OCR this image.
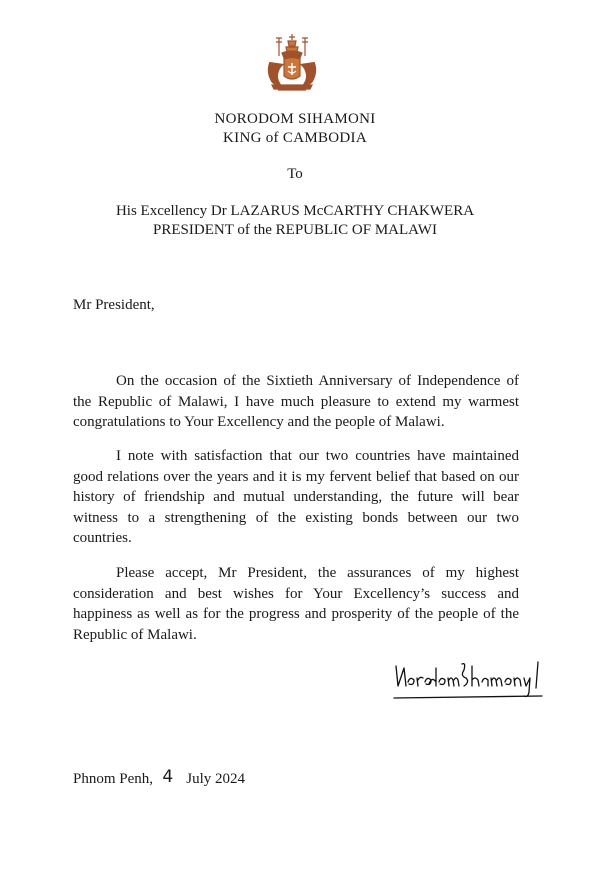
NORODOM SIHAMONI
KING of CAMBODIA
To
His Excellency Dr LAZARUS McCARTHY CHAKWERA
PRESIDENT of the REPUBLIC OF MALAWI
Mr President,

On the occasion of the Sixtieth Anniversary of Independence of the Republic of Malawi, I have much pleasure to extend my warmest congratulations to Your Excellency and the people of Malawi.

I note with satisfaction that our two countries have maintained good relations over the years and it is my fervent belief that based on our history of friendship and mutual understanding, the future will bear witness to a strengthening of the existing bonds between our two countries.

Please accept, Mr President, the assurances of my highest consideration and best wishes for Your Excellency’s success and happiness as well as for the progress and prosperity of the people of the Republic of Malawi.

Phnom Penh, 4 July 2024
